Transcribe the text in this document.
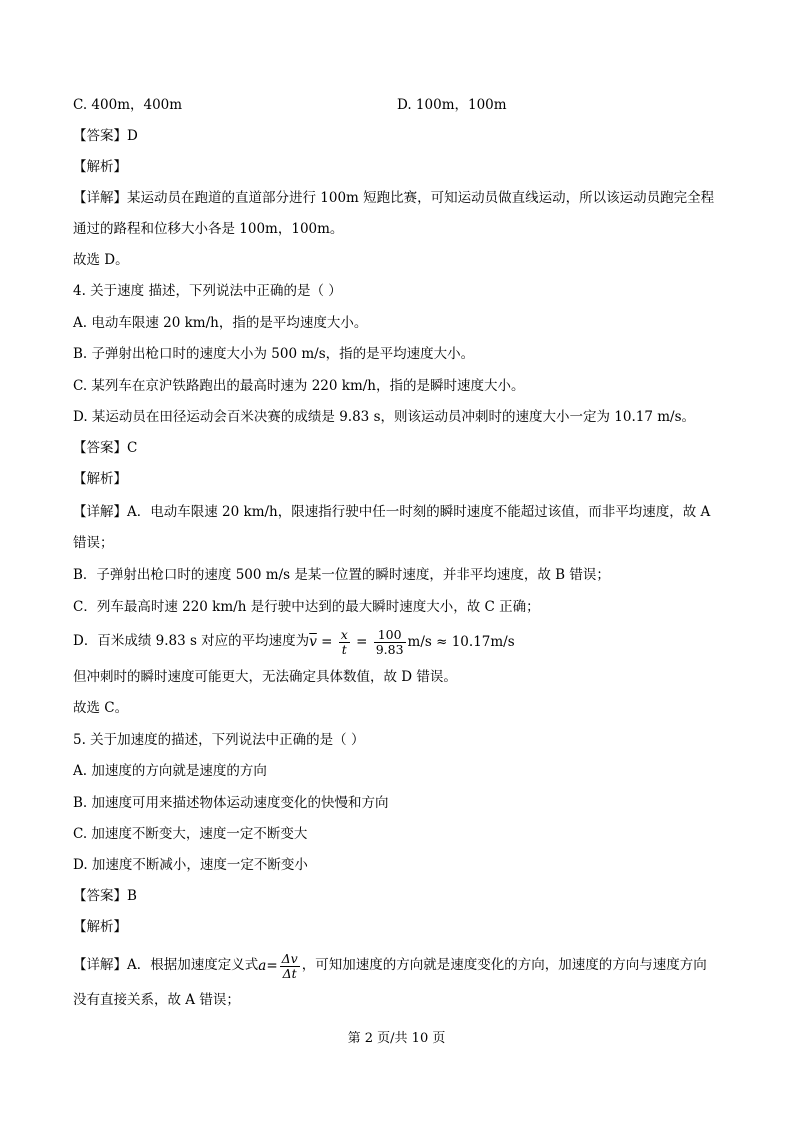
C. 400m，400m	D. 100m，100m
【答案】D
【解析】
【详解】某运动员在跑道的直道部分进行 100m 短跑比赛，可知运动员做直线运动，所以该运动员跑完全程
通过的路程和位移大小各是 100m，100m。
故选 D。
4. 关于速度 描述，下列说法中正确的是（ ）
A. 电动车限速 20 km/h，指的是平均速度大小。
B. 子弹射出枪口时的速度大小为 500 m/s，指的是平均速度大小。
C. 某列车在京沪铁路跑出的最高时速为 220 km/h，指的是瞬时速度大小。
D. 某运动员在田径运动会百米决赛的成绩是 9.83 s，则该运动员冲刺时的速度大小一定为 10.17 m/s。
【答案】C
【解析】
【详解】A．电动车限速 20 km/h，限速指行驶中任一时刻的瞬时速度不能超过该值，而非平均速度，故 A
错误；
B．子弹射出枪口时的速度 500 m/s 是某一位置的瞬时速度，并非平均速度，故 B 错误；
C．列车最高时速 220 km/h 是行驶中达到的最大瞬时速度大小，故 C 正确；
D．百米成绩 9.83 s 对应的平均速度为$\overline{v} = \frac{x}{t} = \frac{100}{9.83} m/s \approx 10.17m/s$
但冲刺时的瞬时速度可能更大，无法确定具体数值，故 D 错误。
故选 C。
5. 关于加速度的描述，下列说法中正确的是（ ）
A. 加速度的方向就是速度的方向
B. 加速度可用来描述物体运动速度变化的快慢和方向
C. 加速度不断变大，速度一定不断变大
D. 加速度不断减小，速度一定不断变小
【答案】B
【解析】
【详解】A．根据加速度定义式$a= \frac{\Delta v}{\Delta t}$ ，可知加速度的方向就是速度变化的方向，加速度的方向与速度方向
没有直接关系，故 A 错误；
第 2 页/共 10 页
